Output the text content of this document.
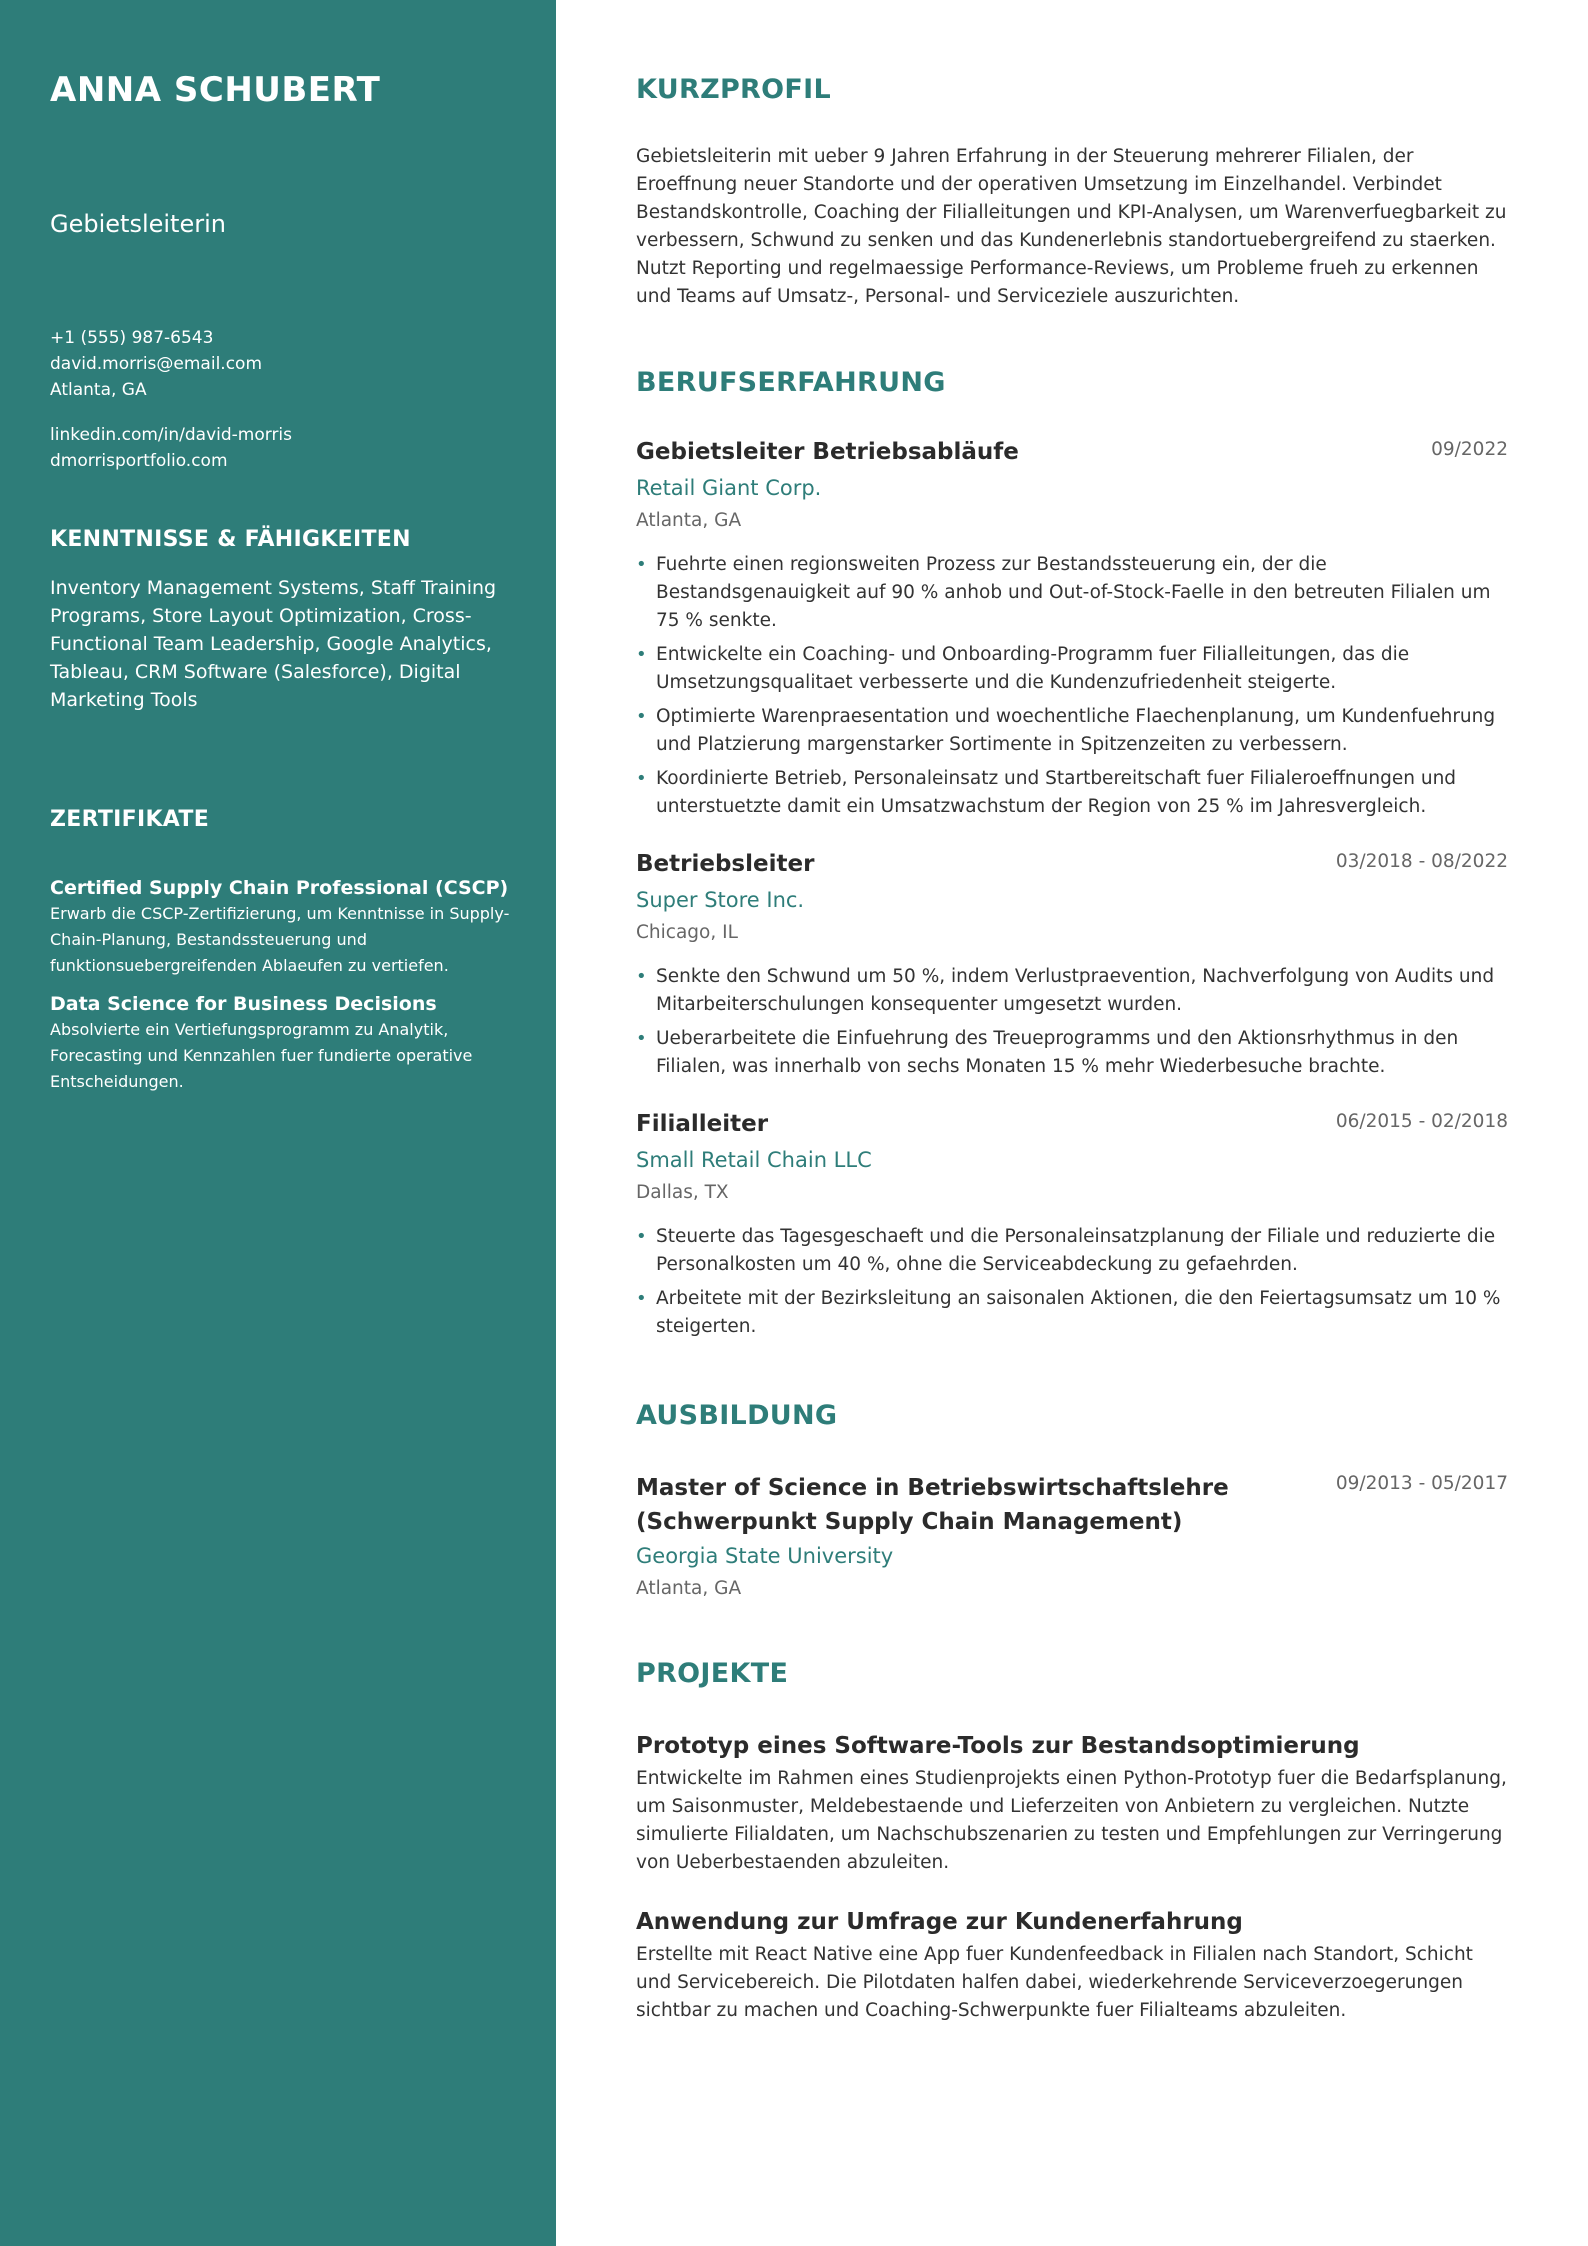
ANNA SCHUBERT
Gebietsleiterin
+1 (555) 987-6543
david.morris@email.com
Atlanta, GA
linkedin.com/in/david-morris
dmorrisportfolio.com
KENNTNISSE & FÄHIGKEITEN
Inventory Management Systems, Staff Training Programs, Store Layout Optimization, Cross-Functional Team Leadership, Google Analytics, Tableau, CRM Software (Salesforce), Digital Marketing Tools
ZERTIFIKATE
Certified Supply Chain Professional (CSCP)
Erwarb die CSCP-Zertifizierung, um Kenntnisse in Supply-Chain-Planung, Bestandssteuerung und funktionsuebergreifenden Ablaeufen zu vertiefen.
Data Science for Business Decisions
Absolvierte ein Vertiefungsprogramm zu Analytik, Forecasting und Kennzahlen fuer fundierte operative Entscheidungen.
KURZPROFIL
Gebietsleiterin mit ueber 9 Jahren Erfahrung in der Steuerung mehrerer Filialen, der Eroeffnung neuer Standorte und der operativen Umsetzung im Einzelhandel. Verbindet Bestandskontrolle, Coaching der Filialleitungen und KPI-Analysen, um Warenverfuegbarkeit zu verbessern, Schwund zu senken und das Kundenerlebnis standortuebergreifend zu staerken. Nutzt Reporting und regelmaessige Performance-Reviews, um Probleme frueh zu erkennen und Teams auf Umsatz-, Personal- und Serviceziele auszurichten.
BERUFSERFAHRUNG
Gebietsleiter Betriebsabläufe	09/2022
Retail Giant Corp.
Atlanta, GA
• Fuehrte einen regionsweiten Prozess zur Bestandssteuerung ein, der die Bestandsgenauigkeit auf 90 % anhob und Out-of-Stock-Faelle in den betreuten Filialen um 75 % senkte.
• Entwickelte ein Coaching- und Onboarding-Programm fuer Filialleitungen, das die Umsetzungsqualitaet verbesserte und die Kundenzufriedenheit steigerte.
• Optimierte Warenpraesentation und woechentliche Flaechenplanung, um Kundenfuehrung und Platzierung margenstarker Sortimente in Spitzenzeiten zu verbessern.
• Koordinierte Betrieb, Personaleinsatz und Startbereitschaft fuer Filialeroeffnungen und unterstuetzte damit ein Umsatzwachstum der Region von 25 % im Jahresvergleich.
Betriebsleiter	03/2018 - 08/2022
Super Store Inc.
Chicago, IL
• Senkte den Schwund um 50 %, indem Verlustpraevention, Nachverfolgung von Audits und Mitarbeiterschulungen konsequenter umgesetzt wurden.
• Ueberarbeitete die Einfuehrung des Treueprogramms und den Aktionsrhythmus in den Filialen, was innerhalb von sechs Monaten 15 % mehr Wiederbesuche brachte.
Filialleiter	06/2015 - 02/2018
Small Retail Chain LLC
Dallas, TX
• Steuerte das Tagesgeschaeft und die Personaleinsatzplanung der Filiale und reduzierte die Personalkosten um 40 %, ohne die Serviceabdeckung zu gefaehrden.
• Arbeitete mit der Bezirksleitung an saisonalen Aktionen, die den Feiertagsumsatz um 10 % steigerten.
AUSBILDUNG
Master of Science in Betriebswirtschaftslehre (Schwerpunkt Supply Chain Management)
09/2013 - 05/2017
Georgia State University
Atlanta, GA
PROJEKTE
Prototyp eines Software-Tools zur Bestandsoptimierung
Entwickelte im Rahmen eines Studienprojekts einen Python-Prototyp fuer die Bedarfsplanung, um Saisonmuster, Meldebestaende und Lieferzeiten von Anbietern zu vergleichen. Nutzte simulierte Filialdaten, um Nachschubszenarien zu testen und Empfehlungen zur Verringerung von Ueberbestaenden abzuleiten.
Anwendung zur Umfrage zur Kundenerfahrung
Erstellte mit React Native eine App fuer Kundenfeedback in Filialen nach Standort, Schicht und Servicebereich. Die Pilotdaten halfen dabei, wiederkehrende Serviceverzoegerungen sichtbar zu machen und Coaching-Schwerpunkte fuer Filialteams abzuleiten.
